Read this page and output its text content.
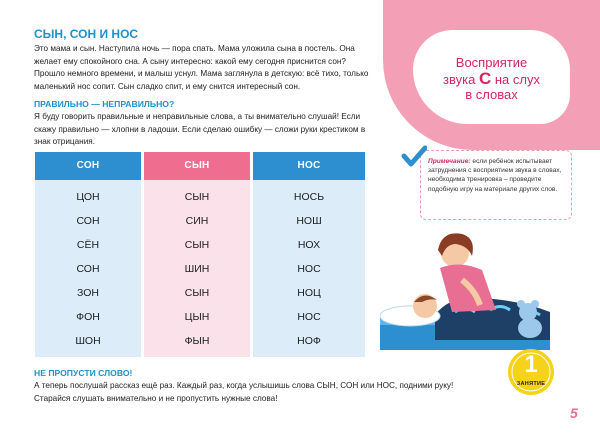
Восприятие
звука С на слух
в словах
СЫН, СОН И НОС
Это мама и сын. Наступила ночь — пора спать. Мама уложила сына в постель. Она желает ему спокойного сна. А сыну интересно: какой ему сегодня приснится сон? Прошло немного времени, и малыш уснул. Мама заглянула в детскую: всё тихо, только маленький нос сопит. Сын сладко спит, и ему снится интересный сон.
ПРАВИЛЬНО — НЕПРАВИЛЬНО?
Я буду говорить правильные и неправильные слова, а ты внимательно слушай! Если скажу правильно — хлопни в ладоши. Если сделаю ошибку — сложи руки крестиком в знак отрицания.
СОН
ЦОН
СОН
СЁН
СОН
ЗОН
ФОН
ШОН
СЫН
СЫН
СИН
СЫН
ШИН
СЫН
ЦЫН
ФЫН
НОС
НОСЬ
НОШ
НОХ
НОС
НОЦ
НОС
НОФ
НЕ ПРОПУСТИ СЛОВО!
А теперь послушай рассказ ещё раз. Каждый раз, когда услышишь слова СЫН, СОН или НОС, подними руку! Старайся слушать внимательно и не пропустить нужные слова!
Примечание: если ребёнок испытывает затруднения с восприятием звука в словах, необходима тренировка – проведите подобную игру на материале других слов.
1
ЗАНЯТИЕ
5
